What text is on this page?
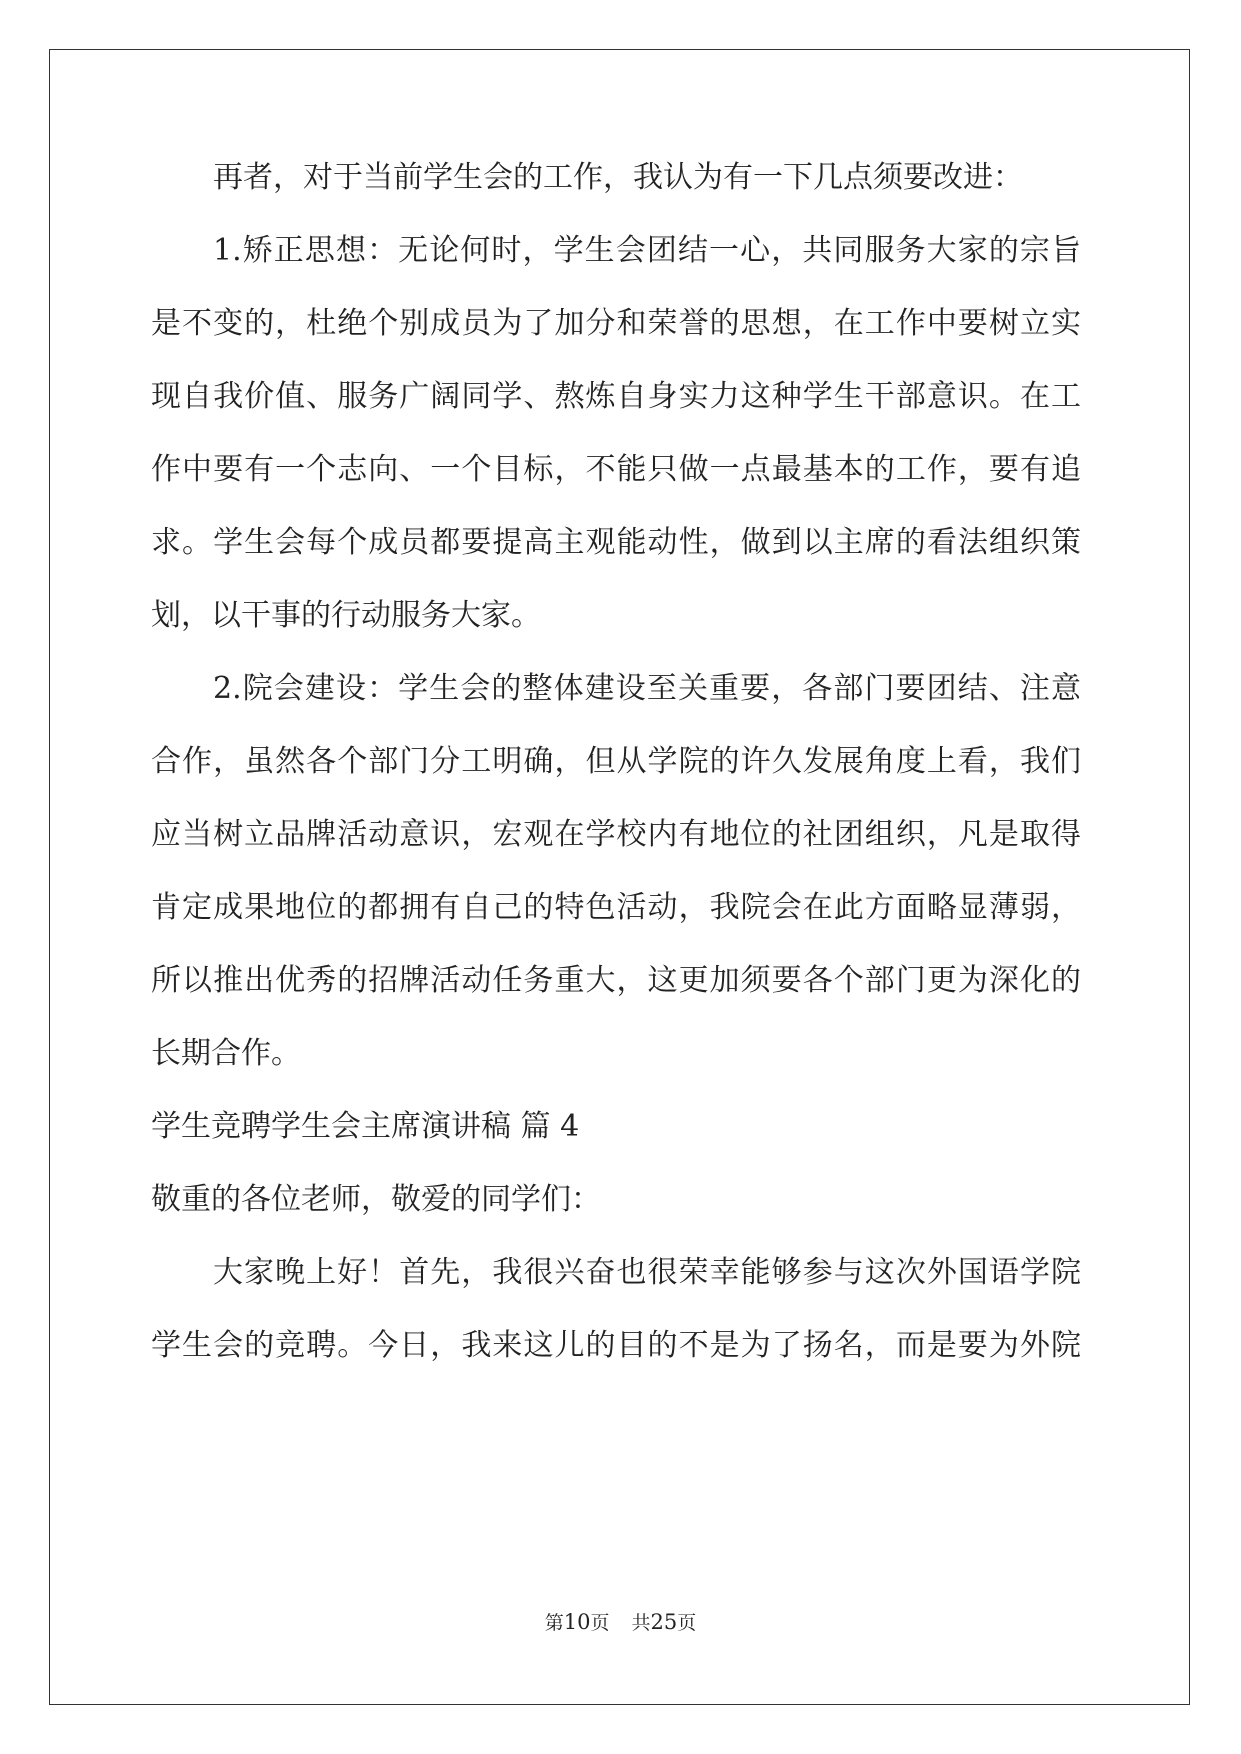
再者，对于当前学生会的工作，我认为有一下几点须要改进：
1.矫正思想：无论何时，学生会团结一心，共同服务大家的宗旨
是不变的，杜绝个别成员为了加分和荣誉的思想，在工作中要树立实
现自我价值、服务广阔同学、熬炼自身实力这种学生干部意识。在工
作中要有一个志向、一个目标，不能只做一点最基本的工作，要有追
求。学生会每个成员都要提高主观能动性，做到以主席的看法组织策
划，以干事的行动服务大家。
2.院会建设：学生会的整体建设至关重要，各部门要团结、注意
合作，虽然各个部门分工明确，但从学院的许久发展角度上看，我们
应当树立品牌活动意识，宏观在学校内有地位的社团组织，凡是取得
肯定成果地位的都拥有自己的特色活动，我院会在此方面略显薄弱，
所以推出优秀的招牌活动任务重大，这更加须要各个部门更为深化的
长期合作。
学生竞聘学生会主席演讲稿 篇 4
敬重的各位老师，敬爱的同学们：
大家晚上好！首先，我很兴奋也很荣幸能够参与这次外国语学院
学生会的竞聘。今日，我来这儿的目的不是为了扬名，而是要为外院
第10页 共25页
